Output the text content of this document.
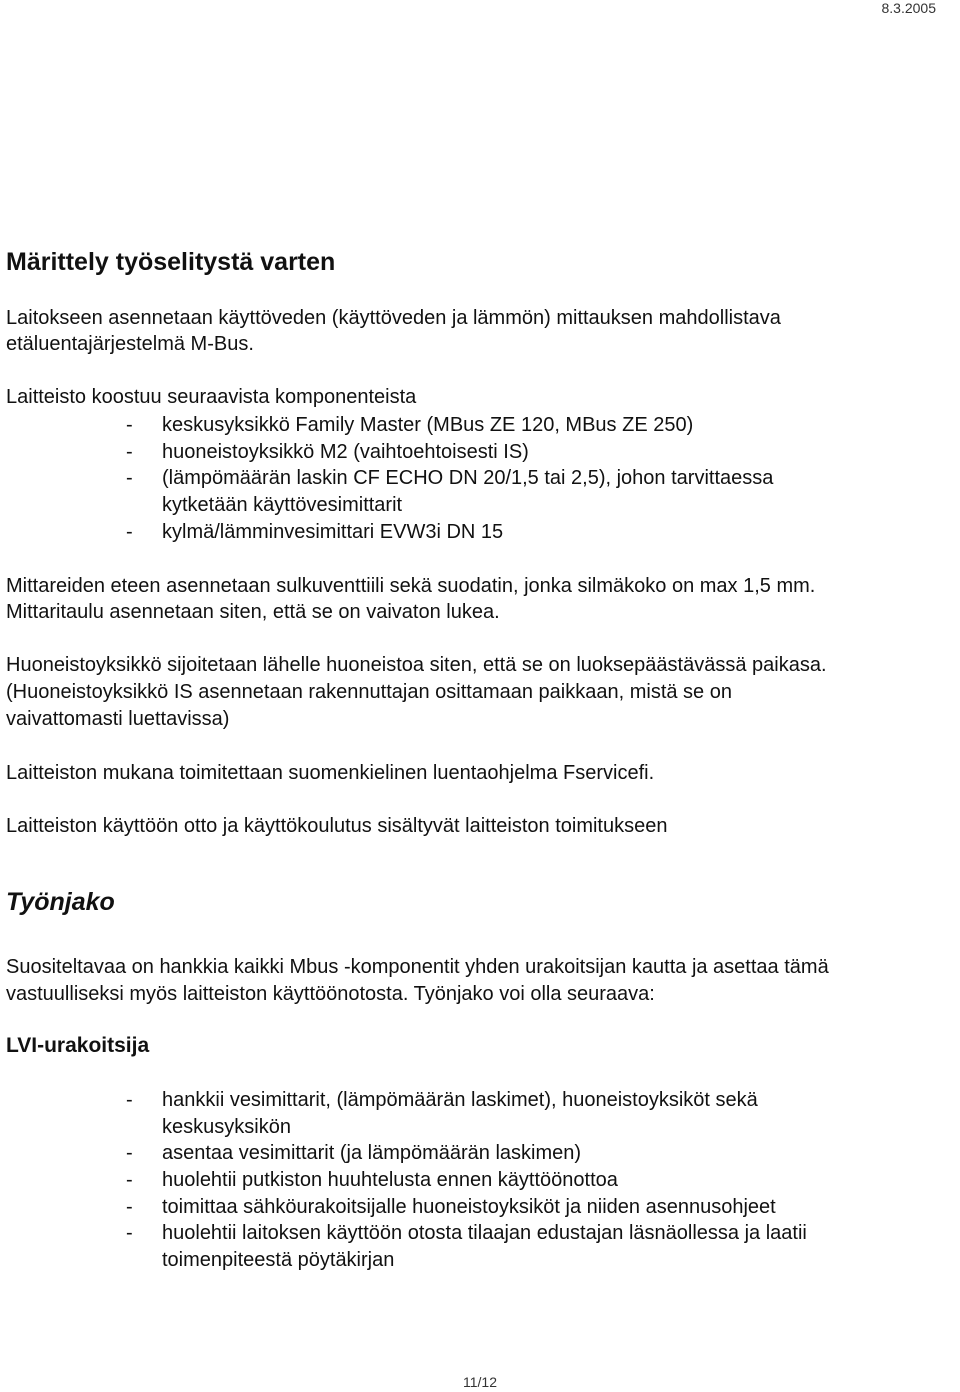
8.3.2005
Märittely työselitystä varten
Laitokseen asennetaan käyttöveden (käyttöveden ja lämmön) mittauksen mahdollistava
etäluentajärjestelmä M-Bus.
Laitteisto koostuu seuraavista komponenteista
- keskusyksikkö Family Master (MBus ZE 120, MBus ZE 250)
- huoneistoyksikkö M2 (vaihtoehtoisesti IS)
- (lämpömäärän laskin CF ECHO DN 20/1,5 tai 2,5), johon tarvittaessa
kytketään käyttövesimittarit
- kylmä/lämminvesimittari EVW3i DN 15
Mittareiden eteen asennetaan sulkuventtiili sekä suodatin, jonka silmäkoko on max 1,5 mm.
Mittaritaulu asennetaan siten, että se on vaivaton lukea.
Huoneistoyksikkö sijoitetaan lähelle huoneistoa siten, että se on luoksepäästävässä paikasa.
(Huoneistoyksikkö IS asennetaan rakennuttajan osittamaan paikkaan, mistä se on
vaivattomasti luettavissa)
Laitteiston mukana toimitettaan suomenkielinen luentaohjelma Fservicefi.
Laitteiston käyttöön otto ja käyttökoulutus sisältyvät laitteiston toimitukseen
Työnjako
Suositeltavaa on hankkia kaikki Mbus -komponentit yhden urakoitsijan kautta ja asettaa tämä
vastuulliseksi myös laitteiston käyttöönotosta. Työnjako voi olla seuraava:
LVI-urakoitsija
- hankkii vesimittarit, (lämpömäärän laskimet), huoneistoyksiköt sekä
keskusyksikön
- asentaa vesimittarit (ja lämpömäärän laskimen)
- huolehtii putkiston huuhtelusta ennen käyttöönottoa
- toimittaa sähköurakoitsijalle huoneistoyksiköt ja niiden asennusohjeet
- huolehtii laitoksen käyttöön otosta tilaajan edustajan läsnäollessa ja laatii
toimenpiteestä pöytäkirjan
11/12
